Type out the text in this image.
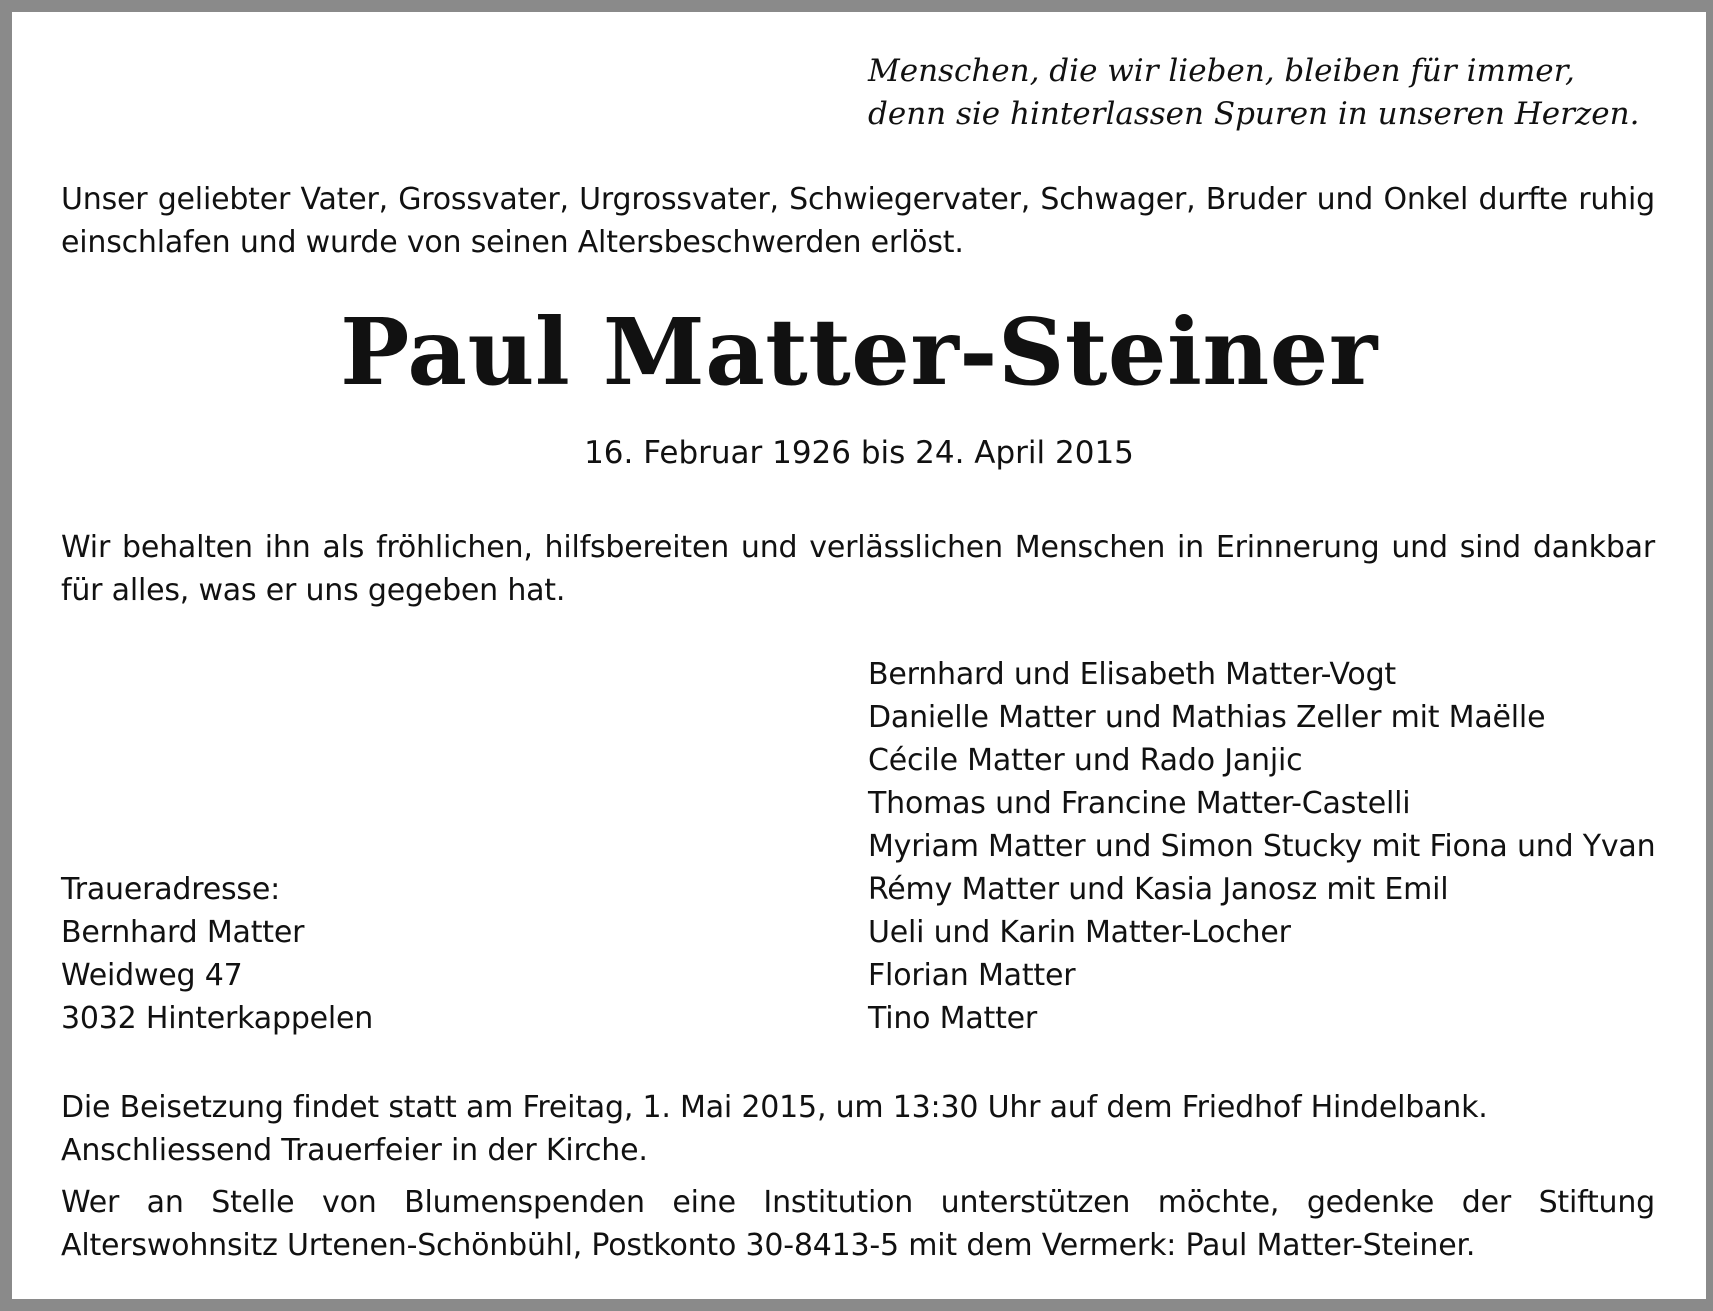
Menschen, die wir lieben, bleiben für immer,
denn sie hinterlassen Spuren in unseren Herzen.

Unser geliebter Vater, Grossvater, Urgrossvater, Schwiegervater, Schwager, Bruder und Onkel durfte ruhig einschlafen und wurde von seinen Altersbeschwerden erlöst.

Paul Matter-Steiner

16. Februar 1926 bis 24. April 2015

Wir behalten ihn als fröhlichen, hilfsbereiten und verlässlichen Menschen in Erinnerung und sind dankbar für alles, was er uns gegeben hat.

Bernhard und Elisabeth Matter-Vogt
Danielle Matter und Mathias Zeller mit Maëlle
Cécile Matter und Rado Janjic
Thomas und Francine Matter-Castelli
Myriam Matter und Simon Stucky mit Fiona und Yvan
Rémy Matter und Kasia Janosz mit Emil
Ueli und Karin Matter-Locher
Florian Matter
Tino Matter
Traueradresse:
Bernhard Matter
Weidweg 47
3032 Hinterkappelen

Die Beisetzung findet statt am Freitag, 1. Mai 2015, um 13:30 Uhr auf dem Friedhof Hindelbank.
Anschliessend Trauerfeier in der Kirche.

Wer an Stelle von Blumenspenden eine Institution unterstützen möchte, gedenke der Stiftung Alterswohnsitz Urtenen-Schönbühl, Postkonto 30-8413-5 mit dem Vermerk: Paul Matter-Steiner.
